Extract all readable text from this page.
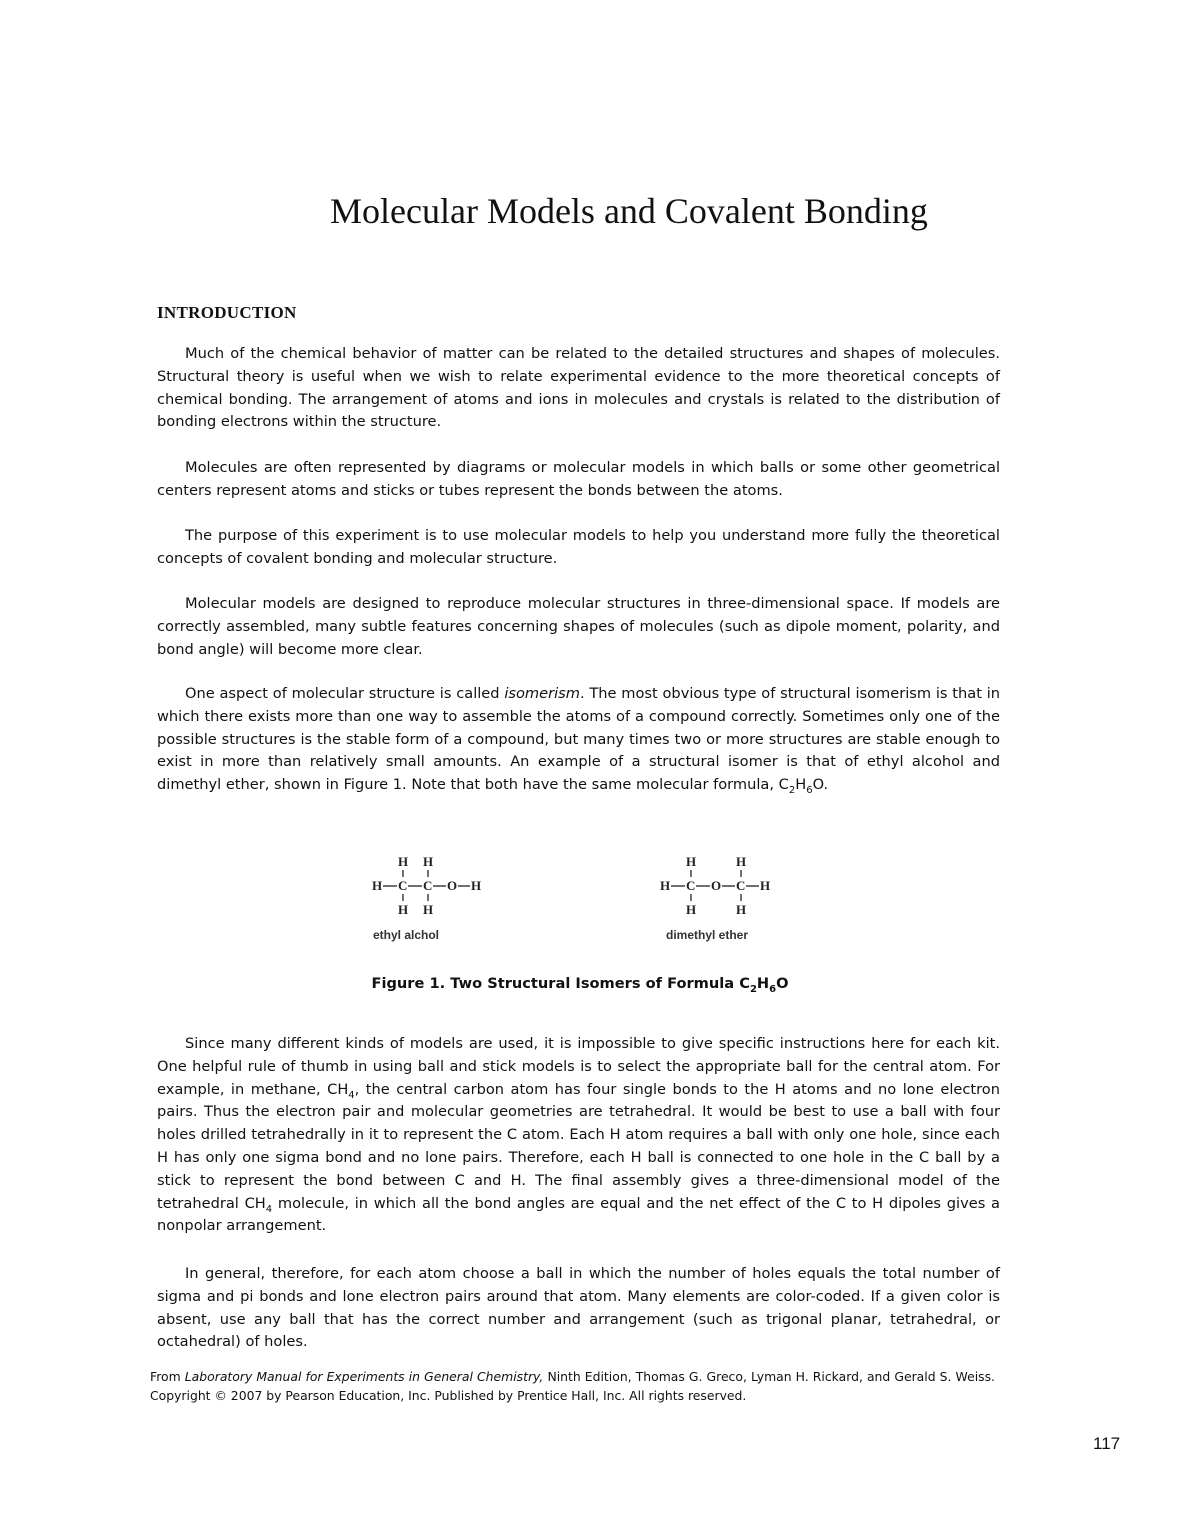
Molecular Models and Covalent Bonding
INTRODUCTION

Much of the chemical behavior of matter can be related to the detailed structures and shapes of molecules. Structural theory is useful when we wish to relate experimental evidence to the more theoretical concepts of chemical bonding. The arrangement of atoms and ions in molecules and crystals is related to the distribution of bonding electrons within the structure.

Molecules are often represented by diagrams or molecular models in which balls or some other geometrical centers represent atoms and sticks or tubes represent the bonds between the atoms.

The purpose of this experiment is to use molecular models to help you understand more fully the theoretical concepts of covalent bonding and molecular structure.

Molecular models are designed to reproduce molecular structures in three-dimensional space. If models are correctly assembled, many subtle features concerning shapes of molecules (such as dipole moment, polarity, and bond angle) will become more clear.

One aspect of molecular structure is called isomerism. The most obvious type of structural isomerism is that in which there exists more than one way to assemble the atoms of a compound correctly. Sometimes only one of the possible structures is the stable form of a compound, but many times two or more structures are stable enough to exist in more than relatively small amounts. An example of a structural isomer is that of ethyl alcohol and dimethyl ether, shown in Figure 1. Note that both have the same molecular formula, $C_2H_6O$.

H H
H C C O H
H H
ethyl alchol
H	H
H C O C H
H	H
dimethyl ether

Figure 1. Two Structural Isomers of Formula $C_2H_6O$

Since many different kinds of models are used, it is impossible to give specific instructions here for each kit. One helpful rule of thumb in using ball and stick models is to select the appropriate ball for the central atom. For example, in methane, $CH_4$, the central carbon atom has four single bonds to the H atoms and no lone electron pairs. Thus the electron pair and molecular geometries are tetrahedral. It would be best to use a ball with four holes drilled tetrahedrally in it to represent the C atom. Each H atom requires a ball with only one hole, since each H has only one sigma bond and no lone pairs. Therefore, each H ball is connected to one hole in the C ball by a stick to represent the bond between C and H. The final assembly gives a three-dimensional model of the tetrahedral $CH_4$ molecule, in which all the bond angles are equal and the net effect of the C to H dipoles gives a nonpolar arrangement.

In general, therefore, for each atom choose a ball in which the number of holes equals the total number of sigma and pi bonds and lone electron pairs around that atom. Many elements are color-coded. If a given color is absent, use any ball that has the correct number and arrangement (such as trigonal planar, tetrahedral, or octahedral) of holes.

From Laboratory Manual for Experiments in General Chemistry, Ninth Edition, Thomas G. Greco, Lyman H. Rickard, and Gerald S. Weiss. Copyright © 2007 by Pearson Education, Inc. Published by Prentice Hall, Inc. All rights reserved.

117
